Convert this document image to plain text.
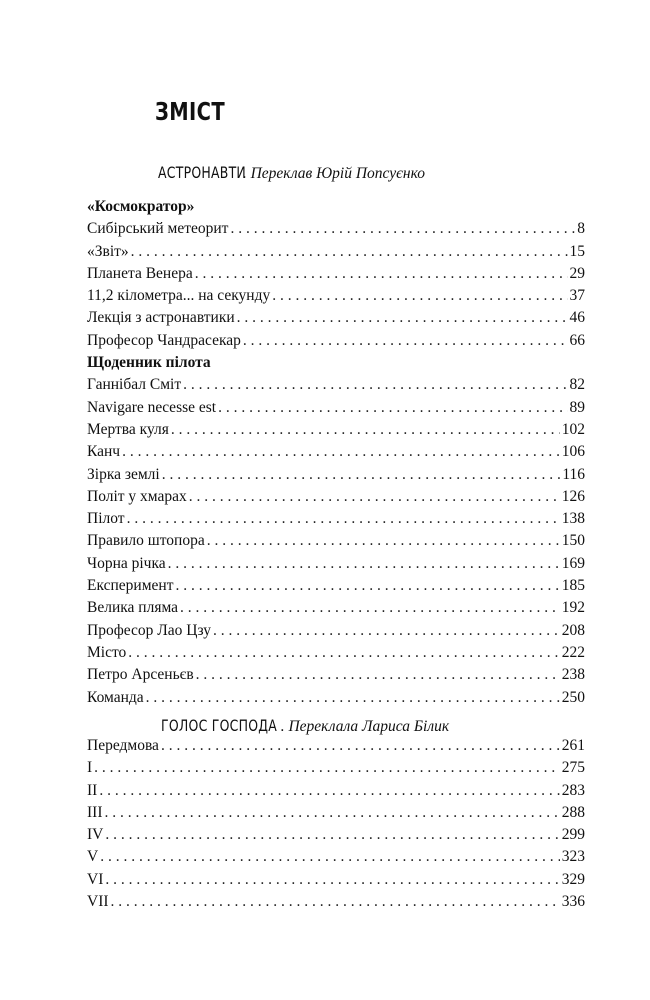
ЗМІСТ
АСТРОНАВТИ. Переклав Юрій Попсуєнко
«Космократор»
Сибірський метеорит . . .	8
«Звіт» . . .	15
Планета Венера . . .	29
11,2 кілометра... на секунду . . .	37
Лекція з астронавтики . . .	46
Професор Чандрасекар . . .	66
Щоденник пілота
Ганнібал Сміт . . .	82
Navigare necesse est . . .	89
Мертва куля . . .	102
Канч . . .	106
Зірка землі . . .	116
Політ у хмарах . . .	126
Пілот . . .	138
Правило штопора . . .	150
Чорна річка . . .	169
Експеримент . . .	185
Велика пляма . . .	192
Професор Лао Цзу . . .	208
Місто . . .	222
Петро Арсеньєв . . .	238
Команда . . .	250
ГОЛОС ГОСПОДА . Переклала Лариса Білик
Передмова . . .	261
I . . .	275
II . . .	283
III . . .	288
IV . . .	299
V . . .	323
VI . . .	329
VII . . .	336
